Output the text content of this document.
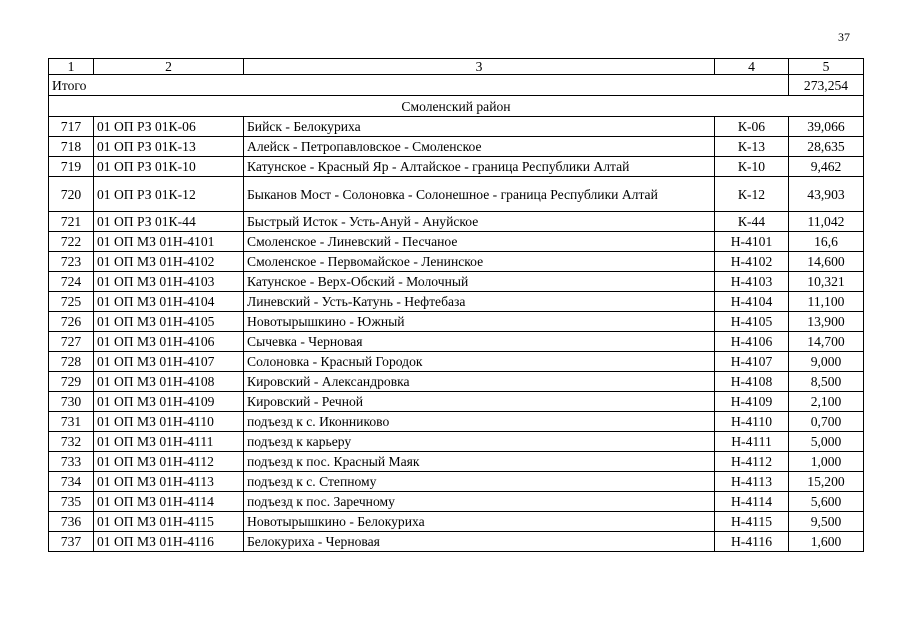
37
1	2	3	4	5
Итого				273,254
Смоленский район				
717	01 ОП РЗ 01К-06	Бийск - Белокуриха	К-06	39,066
718	01 ОП РЗ 01К-13	Алейск - Петропавловское - Смоленское	К-13	28,635
719	01 ОП РЗ 01К-10	Катунское - Красный Яр - Алтайское - граница Республики Алтай	К-10	9,462
720	01 ОП РЗ 01К-12	Быканов Мост - Солоновка - Солонешное - граница Республики Алтай	К-12	43,903
721	01 ОП РЗ 01К-44	Быстрый Исток - Усть-Ануй - Ануйское	К-44	11,042
722	01 ОП МЗ 01Н-4101	Смоленское - Линевский - Песчаное	Н-4101	16,6
723	01 ОП МЗ 01Н-4102	Смоленское - Первомайское - Ленинское	Н-4102	14,600
724	01 ОП МЗ 01Н-4103	Катунское - Верх-Обский - Молочный	Н-4103	10,321
725	01 ОП МЗ 01Н-4104	Линевский - Усть-Катунь - Нефтебаза	Н-4104	11,100
726	01 ОП МЗ 01Н-4105	Новотырышкино - Южный	Н-4105	13,900
727	01 ОП МЗ 01Н-4106	Сычевка - Черновая	Н-4106	14,700
728	01 ОП МЗ 01Н-4107	Солоновка - Красный Городок	Н-4107	9,000
729	01 ОП МЗ 01Н-4108	Кировский - Александровка	Н-4108	8,500
730	01 ОП МЗ 01Н-4109	Кировский - Речной	Н-4109	2,100
731	01 ОП МЗ 01Н-4110	подъезд к с. Иконниково	Н-4110	0,700
732	01 ОП МЗ 01Н-4111	подъезд к карьеру	Н-4111	5,000
733	01 ОП МЗ 01Н-4112	подъезд к пос. Красный Маяк	Н-4112	1,000
734	01 ОП МЗ 01Н-4113	подъезд к с. Степному	Н-4113	15,200
735	01 ОП МЗ 01Н-4114	подъезд к пос. Заречному	Н-4114	5,600
736	01 ОП МЗ 01Н-4115	Новотырышкино - Белокуриха	Н-4115	9,500
737	01 ОП МЗ 01Н-4116	Белокуриха - Черновая	Н-4116	1,600
